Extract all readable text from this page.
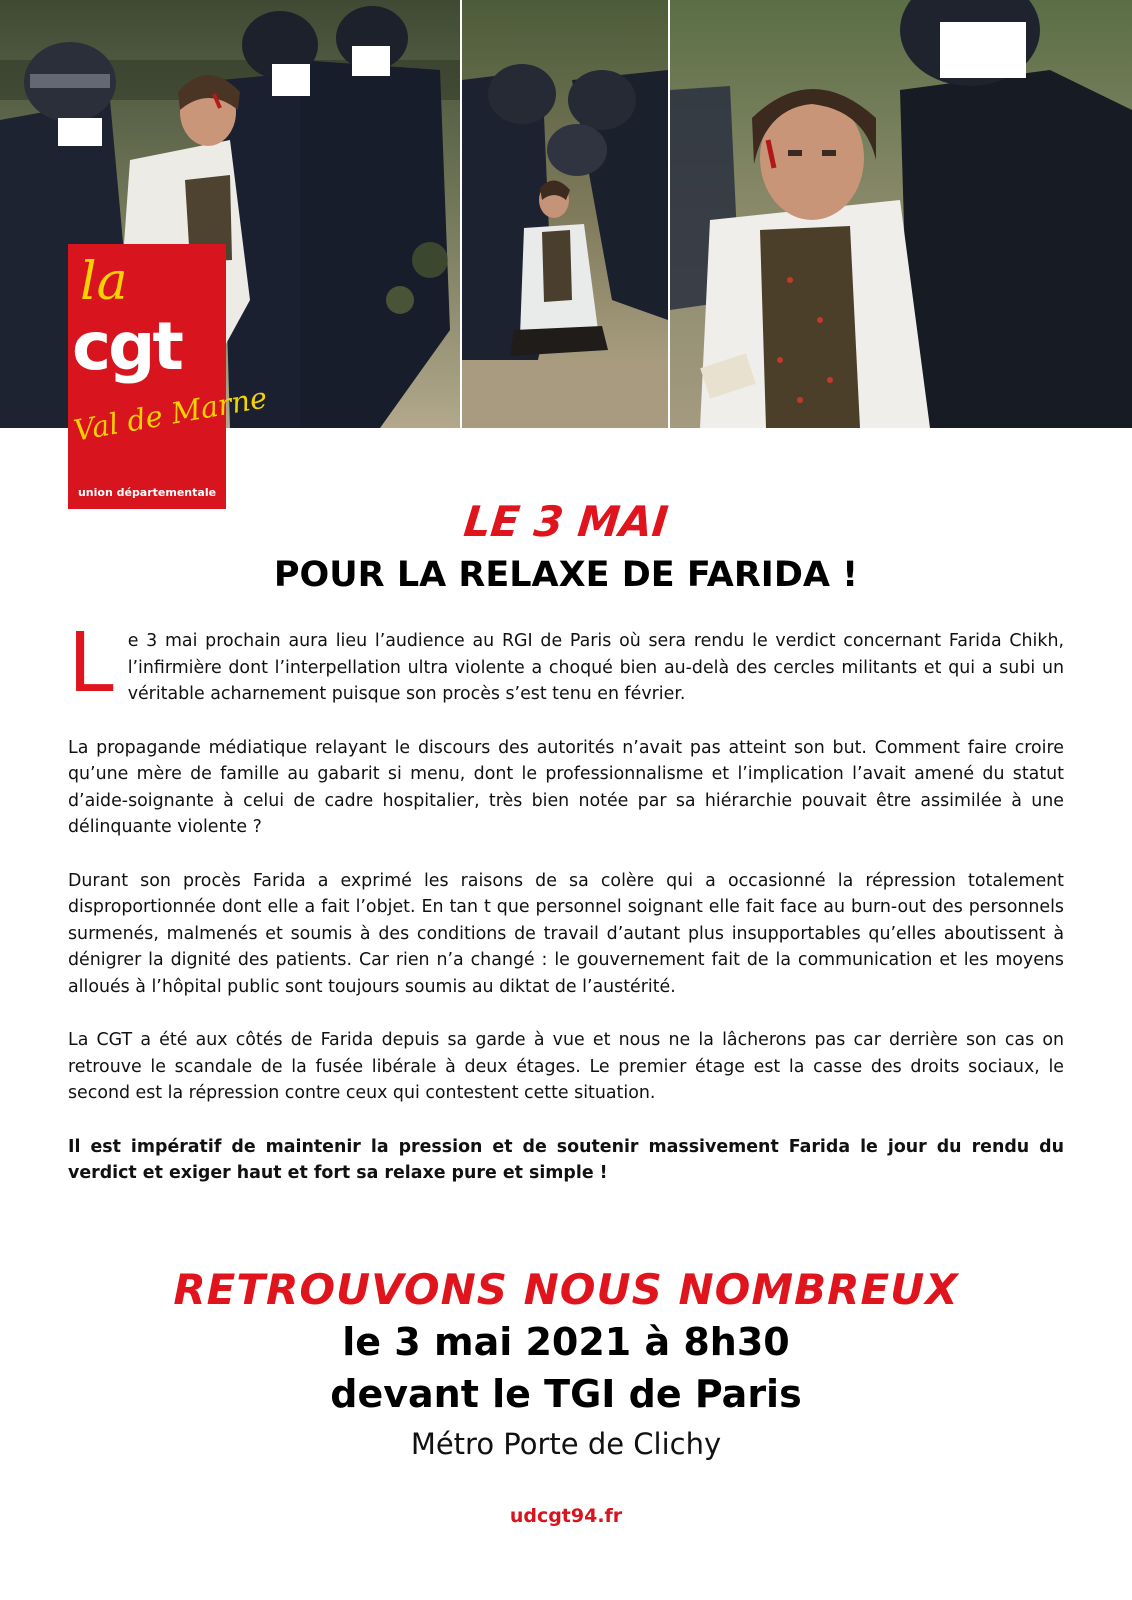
la
cgt
Val de Marne
union départementale
LE 3 MAI
POUR LA RELAXE DE FARIDA !

Le 3 mai prochain aura lieu l’audience au RGI de Paris où sera rendu le verdict concernant Farida Chikh, l’infirmière dont l’interpellation ultra violente a choqué bien au-delà des cercles militants et qui a subi un véritable acharnement puisque son procès s’est tenu en février.

La propagande médiatique relayant le discours des autorités n’avait pas atteint son but. Comment faire croire qu’une mère de famille au gabarit si menu, dont le professionnalisme et l’implication l’avait amené du statut d’aide-soignante à celui de cadre hospitalier, très bien notée par sa hiérarchie pouvait être assimilée à une délinquante violente ?

Durant son procès Farida a exprimé les raisons de sa colère qui a occasionné la répression totalement disproportionnée dont elle a fait l’objet. En tan t que personnel soignant elle fait face au burn-out des personnels surmenés, malmenés et soumis à des conditions de travail d’autant plus insupportables qu’elles aboutissent à dénigrer la dignité des patients. Car rien n’a changé : le gouvernement fait de la communication et les moyens alloués à l’hôpital public sont toujours soumis au diktat de l’austérité.

La CGT a été aux côtés de Farida depuis sa garde à vue et nous ne la lâcherons pas car derrière son cas on retrouve le scandale de la fusée libérale à deux étages. Le premier étage est la casse des droits sociaux, le second est la répression contre ceux qui contestent cette situation.

Il est impératif de maintenir la pression et de soutenir massivement Farida le jour du rendu du verdict et exiger haut et fort sa relaxe pure et simple !

RETROUVONS NOUS NOMBREUX
le 3 mai 2021 à 8h30
devant le TGI de Paris
Métro Porte de Clichy
udcgt94.fr
